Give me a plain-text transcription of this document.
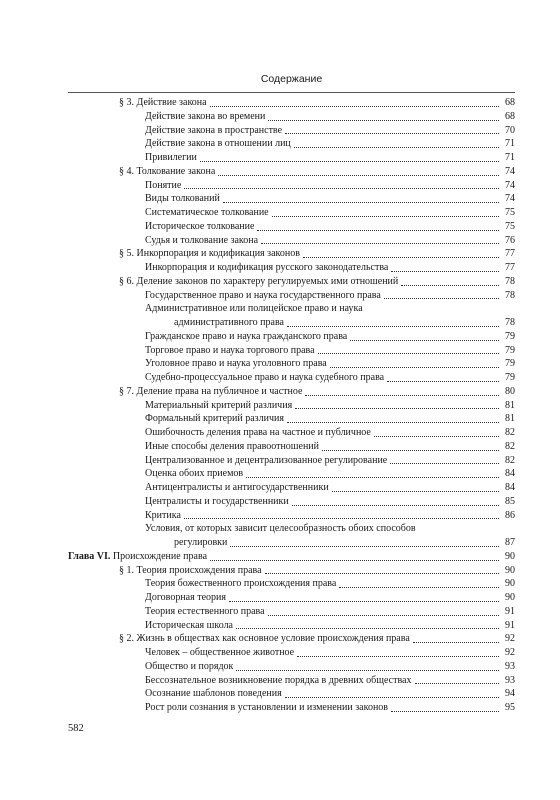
Содержание
§ 3. Действие закона	68
Действие закона во времени	68
Действие закона в пространстве	70
Действие закона в отношении лиц	71
Привилегии	71
§ 4. Толкование закона	74
Понятие	74
Виды толкований	74
Систематическое толкование	75
Историческое толкование	75
Судья и толкование закона	76
§ 5. Инкорпорация и кодификация законов	77
Инкорпорация и кодификация русского законодательства	77
§ 6. Деление законов по характеру регулируемых ими отношений	78
Государственное право и наука государственного права	78
Административное или полицейское право и наука
административного права	78
Гражданское право и наука гражданского права	79
Торговое право и наука торгового права	79
Уголовное право и наука уголовного права	79
Судебно-процессуальное право и наука судебного права	79
§ 7. Деление права на публичное и частное	80
Материальный критерий различия	81
Формальный критерий различия	81
Ошибочность деления права на частное и публичное	82
Иные способы деления правоотношений	82
Централизованное и децентрализованное регулирование	82
Оценка обоих приемов	84
Антицентралисты и антигосударственники	84
Централисты и государственники	85
Критика	86
Условия, от которых зависит целесообразность обоих способов
регулировки	87
Глава VI. Происхождение права	90
§ 1. Теория происхождения права	90
Теория божественного происхождения права	90
Договорная теория	90
Теория естественного права	91
Историческая школа	91
§ 2. Жизнь в обществах как основное условие происхождения права	92
Человек – общественное животное	92
Общество и порядок	93
Бессознательное возникновение порядка в древних обществах	93
Осознание шаблонов поведения	94
Рост роли сознания в установлении и изменении законов	95
582
